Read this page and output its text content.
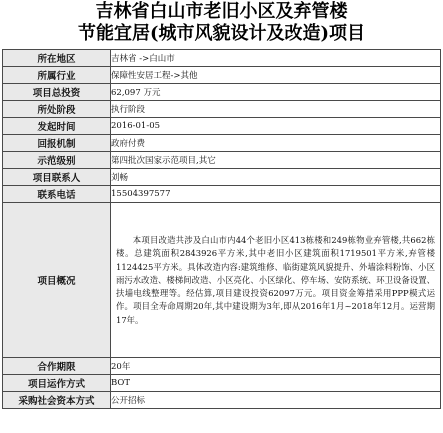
吉林省白山市老旧小区及弃管楼
节能宜居(城市风貌设计及改造)项目
所在地区	吉林省 ->白山市
所属行业	保障性安居工程->其他
项目总投资	62,097 万元
所处阶段	执行阶段
发起时间	2016-01-05
回报机制	政府付费
示范级别	第四批次国家示范项目,其它
项目联系人	刘畅
联系电话	15504397577
项目概况	本项目改造共涉及白山市内44个老旧小区413栋楼和249栋物业弃管楼,共662栋楼。总建筑面积2843926平方米,其中老旧小区建筑面积1719501平方米,弃管楼1124425平方米。具体改造内容:建筑维修、临街建筑风貌提升、外墙涂料粉饰、小区雨污水改造、楼梯间改造、小区亮化、小区绿化、停车场、安防系统、环卫设备设置、扶墙电线整理等。经估算,项目建设投资62097万元。项目资金筹措采用PPP模式运作。项目全寿命周期20年,其中建设期为3年,即从2016年1月~2018年12月。运营期17年。
合作期限	20年
项目运作方式	BOT
采购社会资本方式	公开招标
